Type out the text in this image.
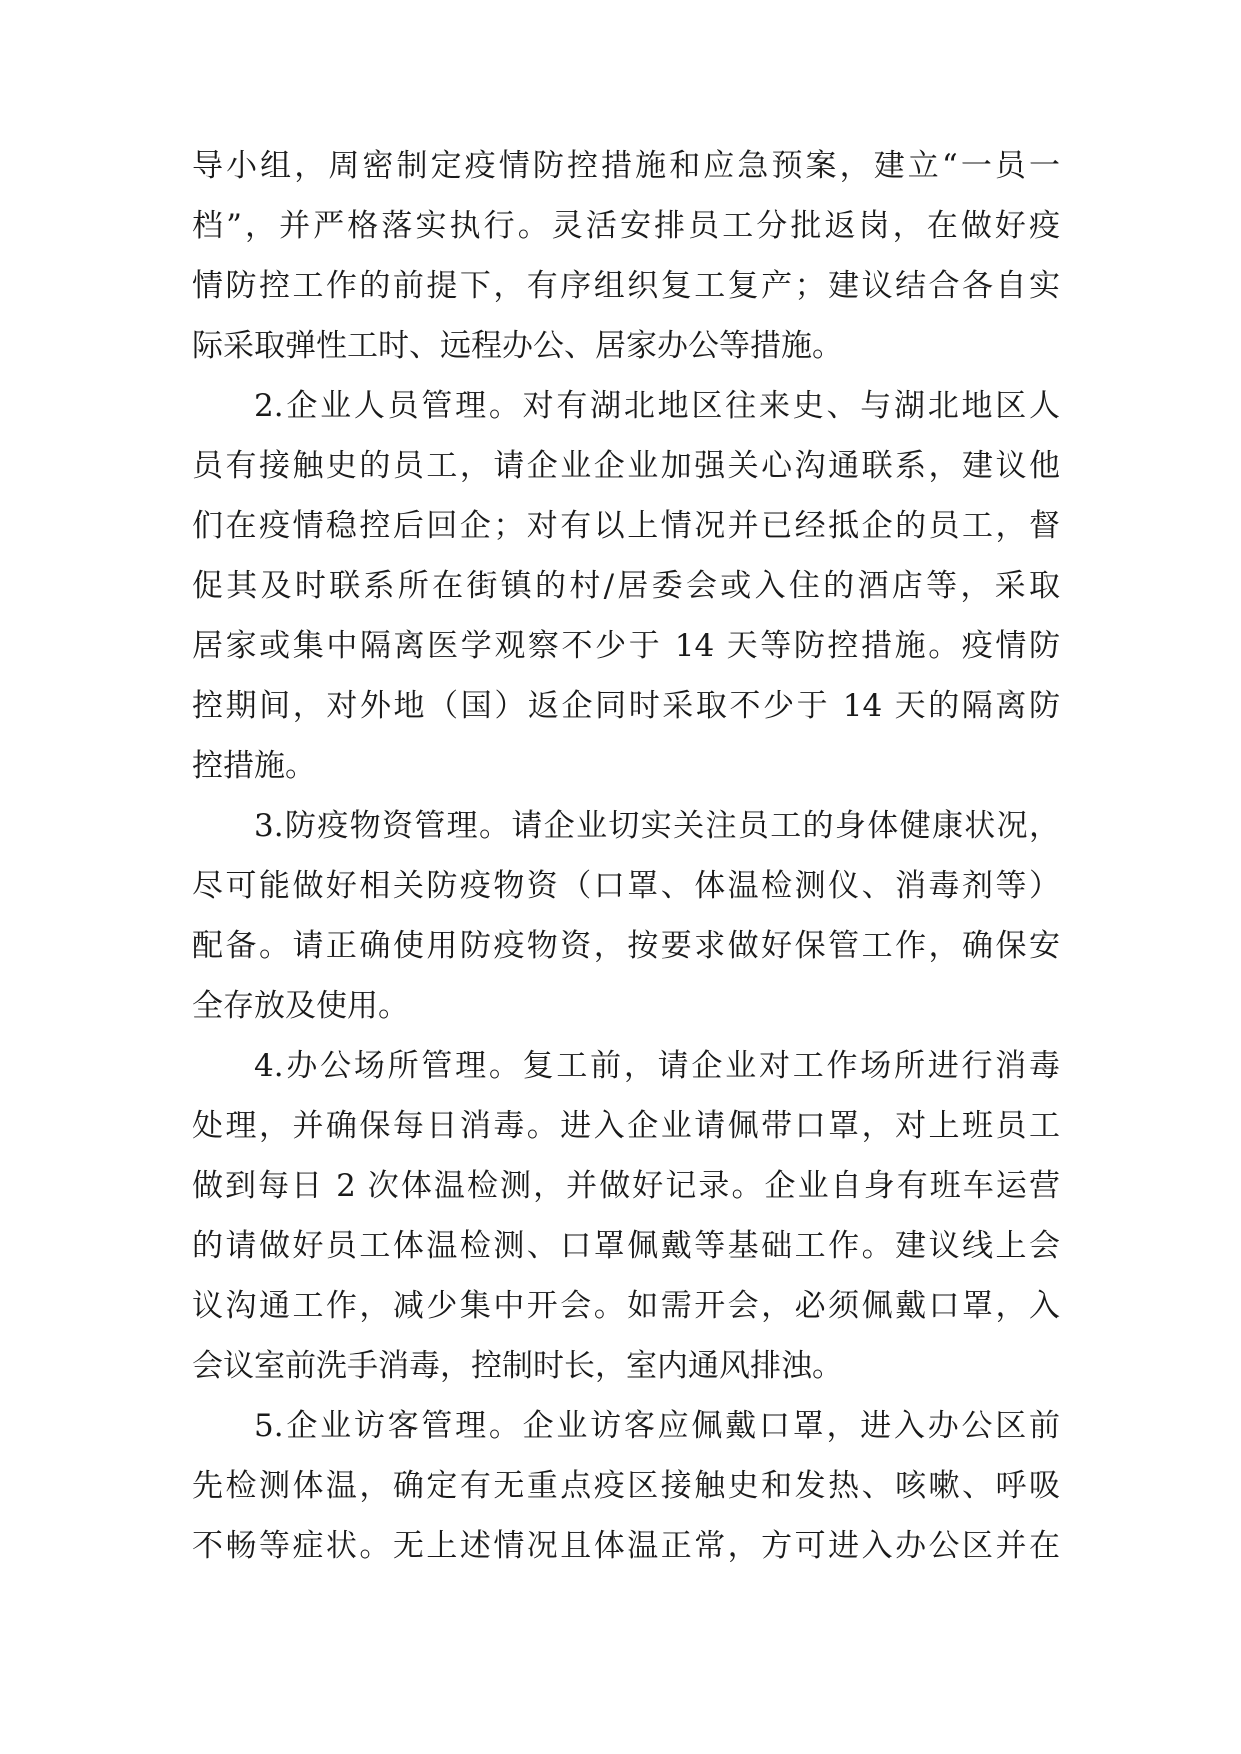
导小组，周密制定疫情防控措施和应急预案，建立“一员一
档”，并严格落实执行。灵活安排员工分批返岗，在做好疫
情防控工作的前提下，有序组织复工复产；建议结合各自实
际采取弹性工时、远程办公、居家办公等措施。
2.企业人员管理。对有湖北地区往来史、与湖北地区人
员有接触史的员工，请企业企业加强关心沟通联系，建议他
们在疫情稳控后回企；对有以上情况并已经抵企的员工，督
促其及时联系所在街镇的村/居委会或入住的酒店等，采取
居家或集中隔离医学观察不少于 14 天等防控措施。疫情防
控期间，对外地（国）返企同时采取不少于 14 天的隔离防
控措施。
3.防疫物资管理。请企业切实关注员工的身体健康状况，
尽可能做好相关防疫物资（口罩、体温检测仪、消毒剂等）
配备。请正确使用防疫物资，按要求做好保管工作，确保安
全存放及使用。
4.办公场所管理。复工前，请企业对工作场所进行消毒
处理，并确保每日消毒。进入企业请佩带口罩，对上班员工
做到每日 2 次体温检测，并做好记录。企业自身有班车运营
的请做好员工体温检测、口罩佩戴等基础工作。建议线上会
议沟通工作，减少集中开会。如需开会，必须佩戴口罩，入
会议室前洗手消毒，控制时长，室内通风排浊。
5.企业访客管理。企业访客应佩戴口罩，进入办公区前
先检测体温，确定有无重点疫区接触史和发热、咳嗽、呼吸
不畅等症状。无上述情况且体温正常，方可进入办公区并在
